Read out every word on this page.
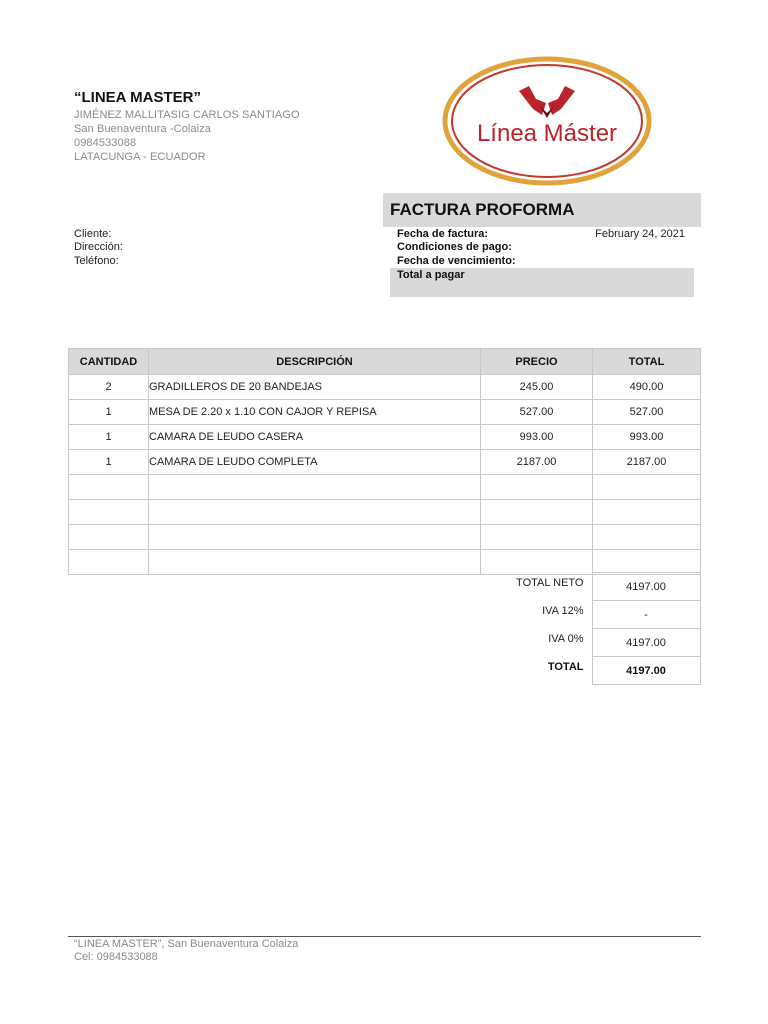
“LINEA MASTER”
JIMÉNEZ MALLITASIG CARLOS SANTIAGO
San Buenaventura -Colaiza
0984533088
LATACUNGA - ECUADOR
Línea Máster
FACTURA PROFORMA
Cliente:
Dirección:
Teléfono:
Fecha de factura:	February 24, 2021
Condiciones de pago:
Fecha de vencimiento:
Total a pagar
CANTIDAD	DESCRIPCIÓN	PRECIO	TOTAL
2	GRADILLEROS DE 20 BANDEJAS	245.00	490.00
1	MESA DE 2.20 x 1.10 CON CAJOR Y REPISA	527.00	527.00
1	CAMARA DE LEUDO CASERA	993.00	993.00
1	CAMARA DE LEUDO COMPLETA	2187.00	2187.00

TOTAL NETO	4197.00
IVA 12%	-
IVA 0%	4197.00
TOTAL	4197.00
“LINEA MASTER”, San Buenaventura Colaiza
Cel: 0984533088
